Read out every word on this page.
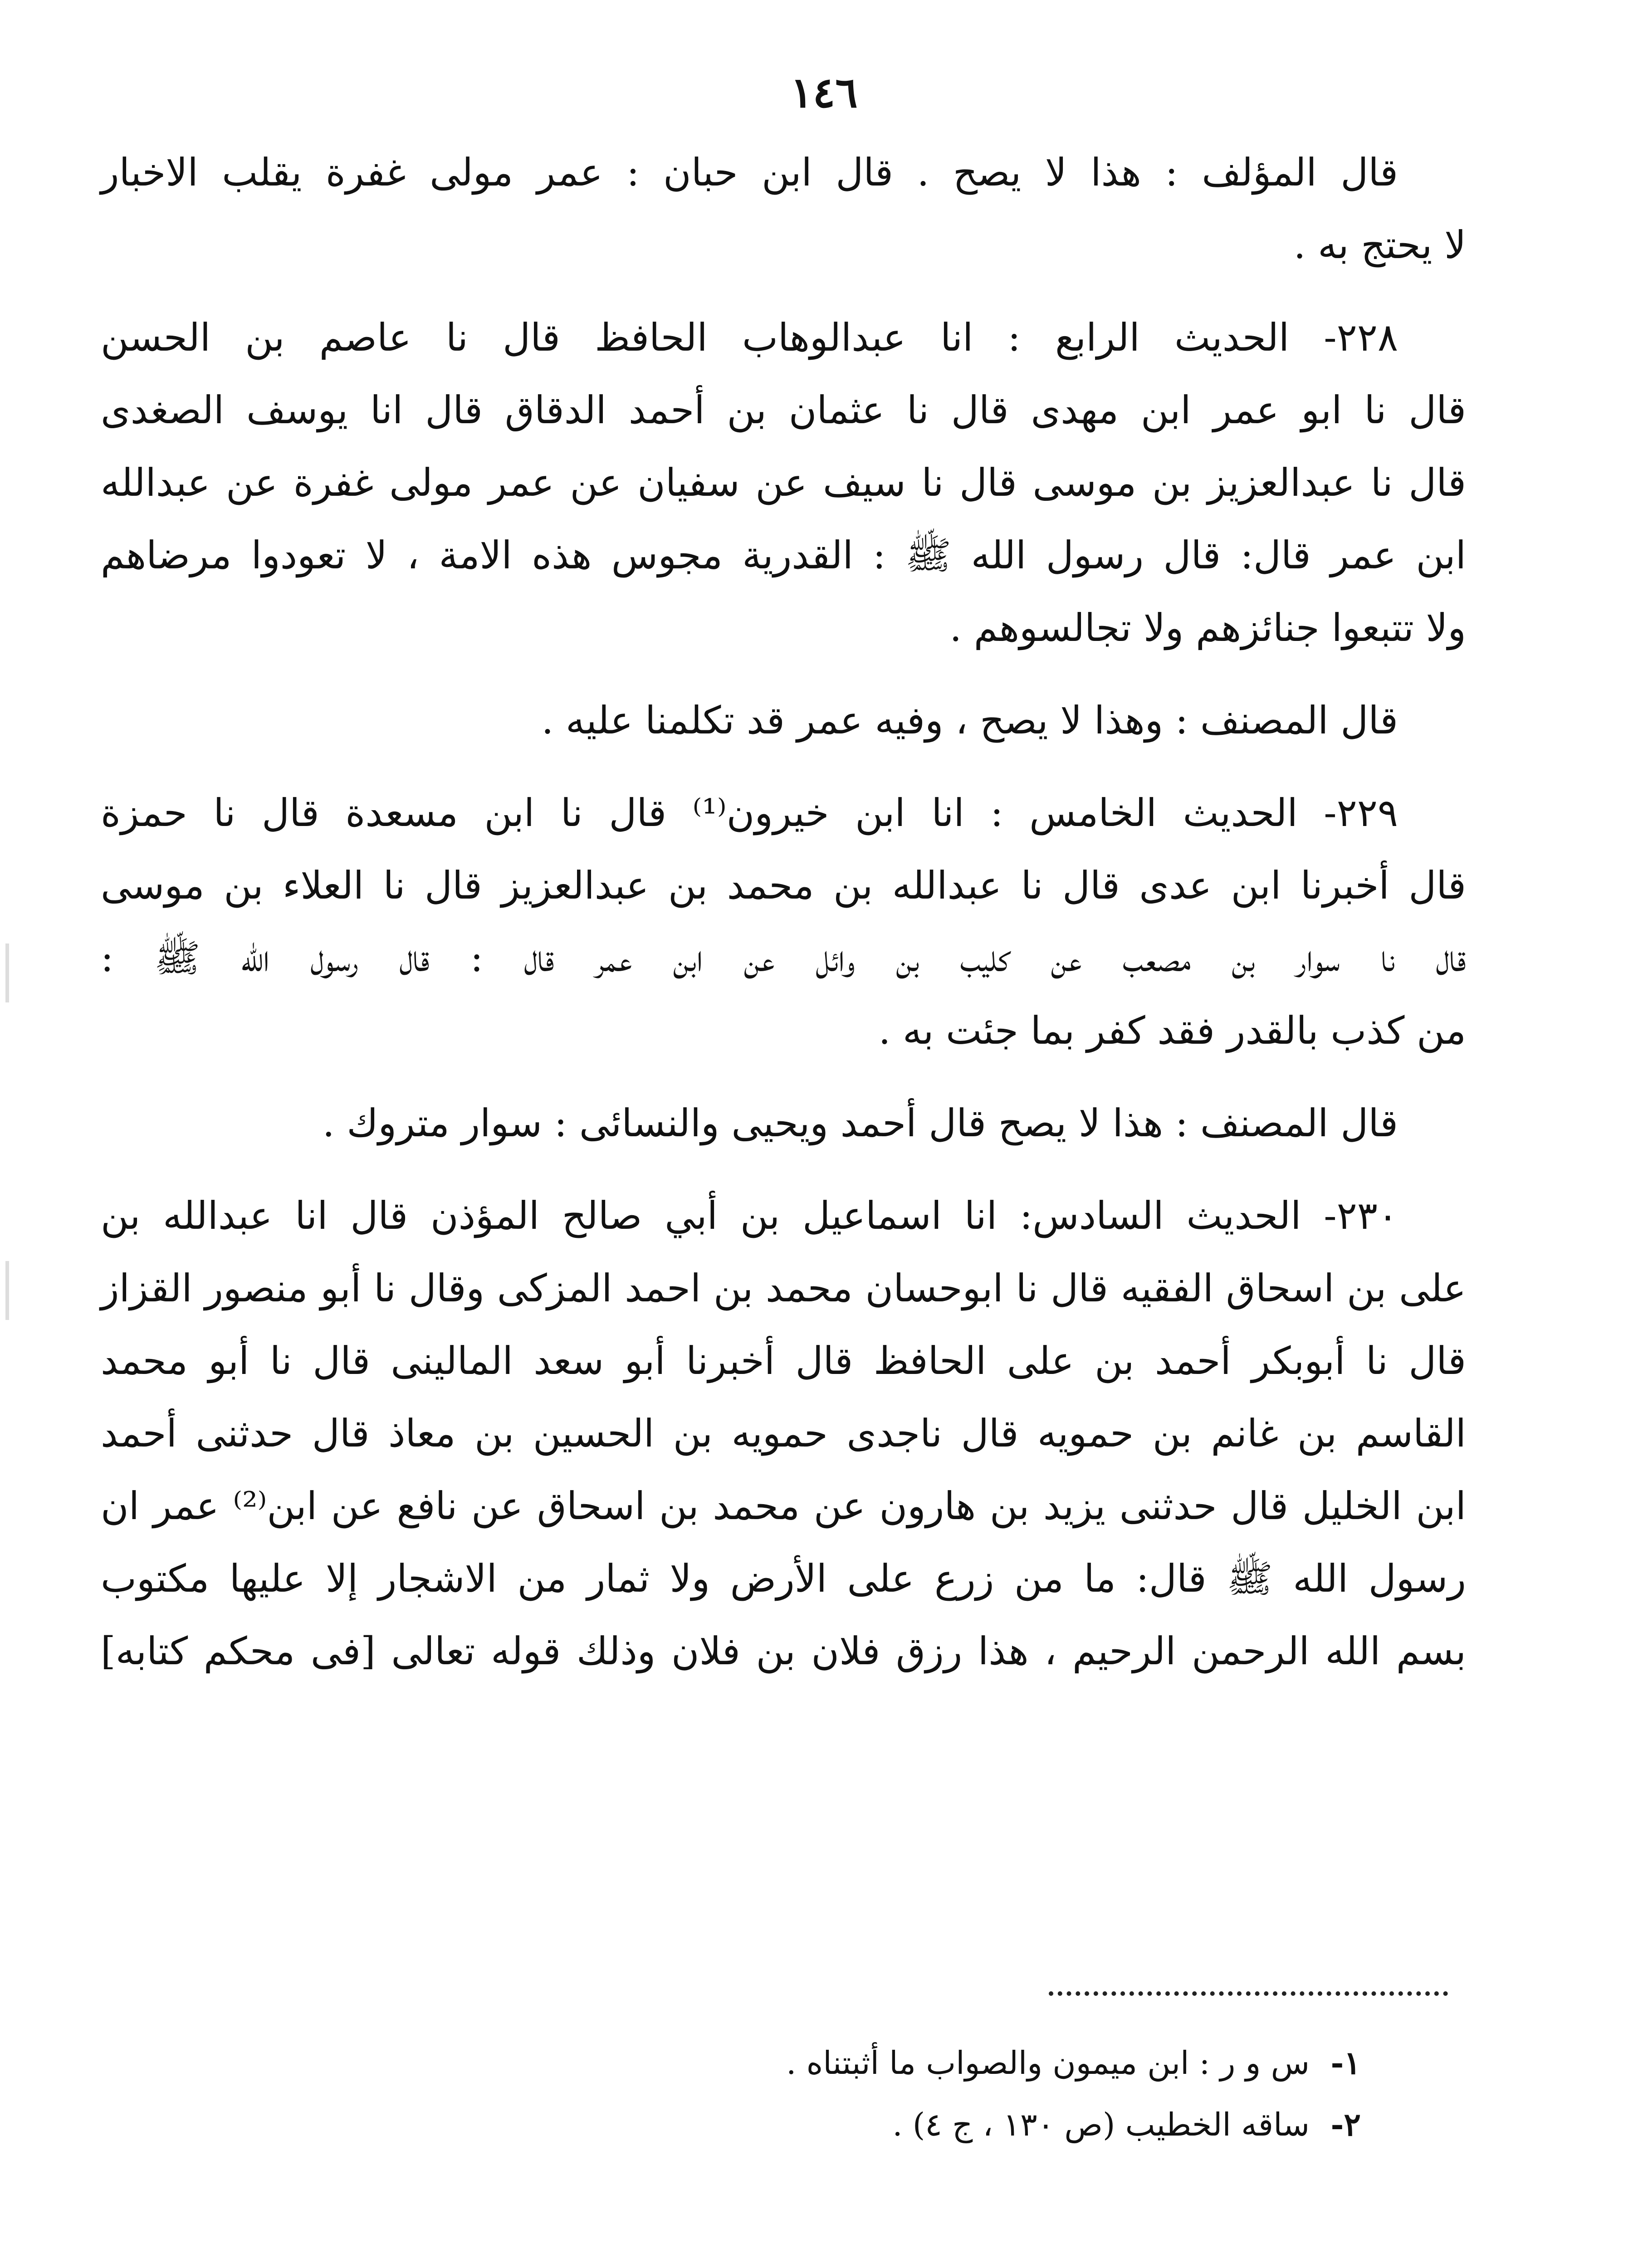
١٤٦
قال المؤلف : هذا لا يصح . قال ابن حبان : عمر مولى غفرة يقلب الاخبار
لا يحتج به .
٢٢٨- الحديث الرابع : انا عبدالوهاب الحافظ قال نا عاصم بن الحسن
قال نا ابو عمر ابن مهدى قال نا عثمان بن أحمد الدقاق قال انا يوسف الصغدى
قال نا عبدالعزيز بن موسى قال نا سيف عن سفيان عن عمر مولى غفرة عن عبدالله
ابن عمر قال: قال رسول الله ﷺ : القدرية مجوس هذه الامة ، لا تعودوا مرضاهم
ولا تتبعوا جنائزهم ولا تجالسوهم .
قال المصنف : وهذا لا يصح ، وفيه عمر قد تكلمنا عليه .
٢٢٩- الحديث الخامس : انا ابن خيرون⁽¹⁾ قال نا ابن مسعدة قال نا حمزة
قال أخبرنا ابن عدى قال نا عبدالله بن محمد بن عبدالعزيز قال نا العلاء بن موسى
قال نا سوار بن مصعب عن كليب بن وائل عن ابن عمر قال : قال رسول الله ﷺ :
من كذب بالقدر فقد كفر بما جئت به .
قال المصنف : هذا لا يصح قال أحمد ويحيى والنسائى : سوار متروك .
٢٣٠- الحديث السادس: انا اسماعيل بن أبي صالح المؤذن قال انا عبدالله بن
على بن اسحاق الفقيه قال نا ابوحسان محمد بن احمد المزكى وقال نا أبو منصور القزاز
قال نا أبوبكر أحمد بن على الحافظ قال أخبرنا أبو سعد المالينى قال نا أبو محمد
القاسم بن غانم بن حمويه قال ناجدى حمويه بن الحسين بن معاذ قال حدثنى أحمد
ابن الخليل قال حدثنى يزيد بن هارون عن محمد بن اسحاق عن نافع عن ابن⁽²⁾ عمر ان
رسول الله ﷺ قال: ما من زرع على الأرض ولا ثمار من الاشجار إلا عليها مكتوب
بسم الله الرحمن الرحيم ، هذا رزق فلان بن فلان وذلك قوله تعالى [فى محكم كتابه]
١- س و ر : ابن ميمون والصواب ما أثبتناه .
٢- ساقه الخطيب (ص ١٣٠ ، ج ٤) .
